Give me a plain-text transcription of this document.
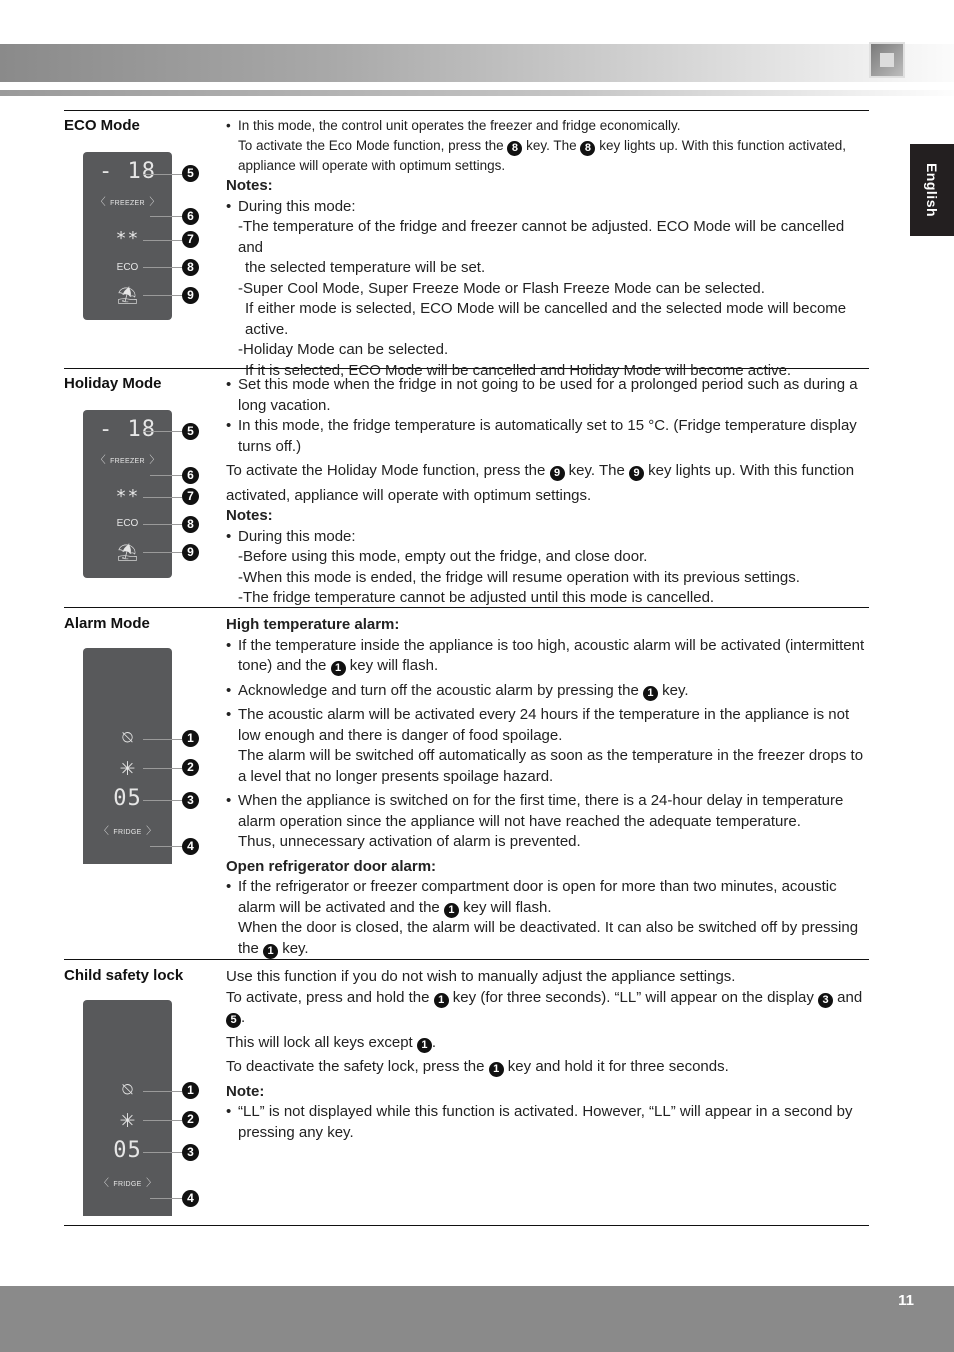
English
ECO Mode
- 18
〈 FREEZER 〉
**
ECO
⛱
5
6
7
8
9

• In this mode, the control unit operates the freezer and fridge economically.

To activate the Eco Mode function, press the 8 key. The 8 key lights up. With this function activated,

appliance will operate with optimum settings.

Notes:

• During this mode:

-The temperature of the fridge and freezer cannot be adjusted. ECO Mode will be cancelled and

the selected temperature will be set.

-Super Cool Mode, Super Freeze Mode or Flash Freeze Mode can be selected.

If either mode is selected, ECO Mode will be cancelled and the selected mode will become

active.

-Holiday Mode can be selected.

If it is selected, ECO Mode will be cancelled and Holiday Mode will become active.

Holiday Mode
- 18
〈 FREEZER 〉
**
ECO
⛱
5
6
7
8
9

• Set this mode when the fridge in not going to be used for a prolonged period such as during a

long vacation.

• In this mode, the fridge temperature is automatically set to 15 °C. (Fridge temperature display

turns off.)

To activate the Holiday Mode function, press the 9 key. The 9 key lights up. With this function

activated, appliance will operate with optimum settings.

Notes:

• During this mode:

-Before using this mode, empty out the fridge, and close door.

-When this mode is ended, the fridge will resume operation with its previous settings.

-The fridge temperature cannot be adjusted until this mode is cancelled.

Alarm Mode
⍉
✳
05
〈 FRIDGE 〉
1
2
3
4

High temperature alarm:

• If the temperature inside the appliance is too high, acoustic alarm will be activated (intermittent

tone) and the 1 key will flash.

• Acknowledge and turn off the acoustic alarm by pressing the 1 key.

• The acoustic alarm will be activated every 24 hours if the temperature in the appliance is not

low enough and there is danger of food spoilage.

The alarm will be switched off automatically as soon as the temperature in the freezer drops to

a level that no longer presents spoilage hazard.

• When the appliance is switched on for the first time, there is a 24-hour delay in temperature

alarm operation since the appliance will not have reached the adequate temperature.

Thus, unnecessary activation of alarm is prevented.

Open refrigerator door alarm:

• If the refrigerator or freezer compartment door is open for more than two minutes, acoustic

alarm will be activated and the 1 key will flash.

When the door is closed, the alarm will be deactivated. It can also be switched off by pressing

the 1 key.

Child safety lock
⍉
✳
05
〈 FRIDGE 〉
1
2
3
4

Use this function if you do not wish to manually adjust the appliance settings.

To activate, press and hold the 1 key (for three seconds). “LL” will appear on the display 3 and

5 .

This will lock all keys except 1 .

To deactivate the safety lock, press the 1 key and hold it for three seconds.

Note:

• “LL” is not displayed while this function is activated. However, “LL” will appear in a second by

pressing any key.

11
